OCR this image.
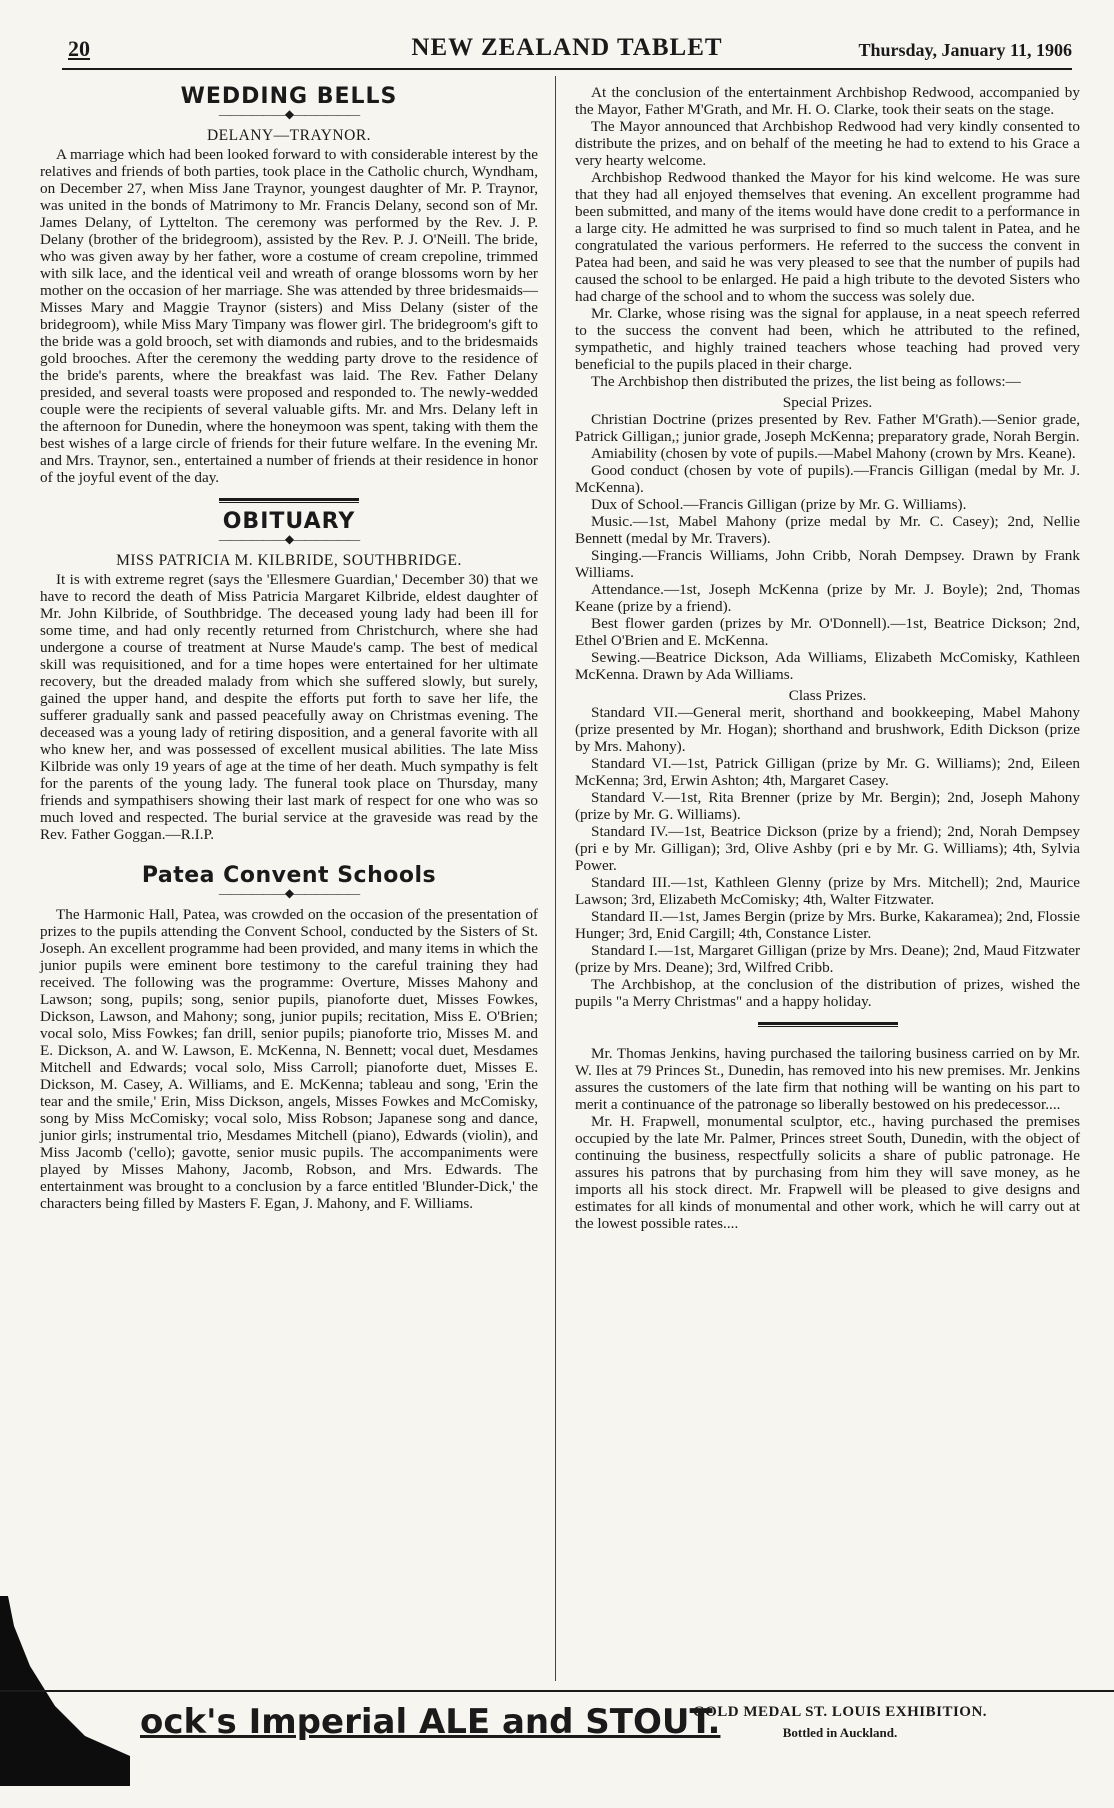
20	NEW ZEALAND TABLET	Thursday, January 11, 1906
WEDDING BELLS
——————◆——————
DELANY—TRAYNOR.

A marriage which had been looked forward to with considerable interest by the relatives and friends of both parties, took place in the Catholic church, Wyndham, on December 27, when Miss Jane Traynor, youngest daughter of Mr. P. Traynor, was united in the bonds of Matrimony to Mr. Francis Delany, second son of Mr. James Delany, of Lyttelton. The ceremony was performed by the Rev. J. P. Delany (brother of the bridegroom), assisted by the Rev. P. J. O'Neill. The bride, who was given away by her father, wore a costume of cream crepoline, trimmed with silk lace, and the identical veil and wreath of orange blossoms worn by her mother on the occasion of her marriage. She was attended by three bridesmaids—Misses Mary and Maggie Traynor (sisters) and Miss Delany (sister of the bridegroom), while Miss Mary Timpany was flower girl. The bridegroom's gift to the bride was a gold brooch, set with diamonds and rubies, and to the bridesmaids gold brooches. After the ceremony the wedding party drove to the residence of the bride's parents, where the breakfast was laid. The Rev. Father Delany presided, and several toasts were proposed and responded to. The newly-wedded couple were the recipients of several valuable gifts. Mr. and Mrs. Delany left in the afternoon for Dunedin, where the honeymoon was spent, taking with them the best wishes of a large circle of friends for their future welfare. In the evening Mr. and Mrs. Traynor, sen., entertained a number of friends at their residence in honor of the joyful event of the day.

OBITUARY
——————◆——————
MISS PATRICIA M. KILBRIDE, SOUTHBRIDGE.

It is with extreme regret (says the 'Ellesmere Guardian,' December 30) that we have to record the death of Miss Patricia Margaret Kilbride, eldest daughter of Mr. John Kilbride, of Southbridge. The deceased young lady had been ill for some time, and had only recently returned from Christchurch, where she had undergone a course of treatment at Nurse Maude's camp. The best of medical skill was requisitioned, and for a time hopes were entertained for her ultimate recovery, but the dreaded malady from which she suffered slowly, but surely, gained the upper hand, and despite the efforts put forth to save her life, the sufferer gradually sank and passed peacefully away on Christmas evening. The deceased was a young lady of retiring disposition, and a general favorite with all who knew her, and was possessed of excellent musical abilities. The late Miss Kilbride was only 19 years of age at the time of her death. Much sympathy is felt for the parents of the young lady. The funeral took place on Thursday, many friends and sympathisers showing their last mark of respect for one who was so much loved and respected. The burial service at the graveside was read by the Rev. Father Goggan.—R.I.P.

Patea Convent Schools
——————◆——————

The Harmonic Hall, Patea, was crowded on the occasion of the presentation of prizes to the pupils attending the Convent School, conducted by the Sisters of St. Joseph. An excellent programme had been provided, and many items in which the junior pupils were eminent bore testimony to the careful training they had received. The following was the programme: Overture, Misses Mahony and Lawson; song, pupils; song, senior pupils, pianoforte duet, Misses Fowkes, Dickson, Lawson, and Mahony; song, junior pupils; recitation, Miss E. O'Brien; vocal solo, Miss Fowkes; fan drill, senior pupils; pianoforte trio, Misses M. and E. Dickson, A. and W. Lawson, E. McKenna, N. Bennett; vocal duet, Mesdames Mitchell and Edwards; vocal solo, Miss Carroll; pianoforte duet, Misses E. Dickson, M. Casey, A. Williams, and E. McKenna; tableau and song, 'Erin the tear and the smile,' Erin, Miss Dickson, angels, Misses Fowkes and McComisky, song by Miss McComisky; vocal solo, Miss Robson; Japanese song and dance, junior girls; instrumental trio, Mesdames Mitchell (piano), Edwards (violin), and Miss Jacomb ('cello); gavotte, senior music pupils. The accompaniments were played by Misses Mahony, Jacomb, Robson, and Mrs. Edwards. The entertainment was brought to a conclusion by a farce entitled 'Blunder-Dick,' the characters being filled by Masters F. Egan, J. Mahony, and F. Williams.

At the conclusion of the entertainment Archbishop Redwood, accompanied by the Mayor, Father M'Grath, and Mr. H. O. Clarke, took their seats on the stage.

The Mayor announced that Archbishop Redwood had very kindly consented to distribute the prizes, and on behalf of the meeting he had to extend to his Grace a very hearty welcome.

Archbishop Redwood thanked the Mayor for his kind welcome. He was sure that they had all enjoyed themselves that evening. An excellent programme had been submitted, and many of the items would have done credit to a performance in a large city. He admitted he was surprised to find so much talent in Patea, and he congratulated the various performers. He referred to the success the convent in Patea had been, and said he was very pleased to see that the number of pupils had caused the school to be enlarged. He paid a high tribute to the devoted Sisters who had charge of the school and to whom the success was solely due.

Mr. Clarke, whose rising was the signal for applause, in a neat speech referred to the success the convent had been, which he attributed to the refined, sympathetic, and highly trained teachers whose teaching had proved very beneficial to the pupils placed in their charge.

The Archbishop then distributed the prizes, the list being as follows:—

Special Prizes.

Christian Doctrine (prizes presented by Rev. Father M'Grath).—Senior grade, Patrick Gilligan,; junior grade, Joseph McKenna; preparatory grade, Norah Bergin.

Amiability (chosen by vote of pupils.—Mabel Mahony (crown by Mrs. Keane).

Good conduct (chosen by vote of pupils).—Francis Gilligan (medal by Mr. J. McKenna).

Dux of School.—Francis Gilligan (prize by Mr. G. Williams).

Music.—1st, Mabel Mahony (prize medal by Mr. C. Casey); 2nd, Nellie Bennett (medal by Mr. Travers).

Singing.—Francis Williams, John Cribb, Norah Dempsey. Drawn by Frank Williams.

Attendance.—1st, Joseph McKenna (prize by Mr. J. Boyle); 2nd, Thomas Keane (prize by a friend).

Best flower garden (prizes by Mr. O'Donnell).—1st, Beatrice Dickson; 2nd, Ethel O'Brien and E. McKenna.

Sewing.—Beatrice Dickson, Ada Williams, Elizabeth McComisky, Kathleen McKenna. Drawn by Ada Williams.

Class Prizes.

Standard VII.—General merit, shorthand and bookkeeping, Mabel Mahony (prize presented by Mr. Hogan); shorthand and brushwork, Edith Dickson (prize by Mrs. Mahony).

Standard VI.—1st, Patrick Gilligan (prize by Mr. G. Williams); 2nd, Eileen McKenna; 3rd, Erwin Ashton; 4th, Margaret Casey.

Standard V.—1st, Rita Brenner (prize by Mr. Bergin); 2nd, Joseph Mahony (prize by Mr. G. Williams).

Standard IV.—1st, Beatrice Dickson (prize by a friend); 2nd, Norah Dempsey (pri e by Mr. Gilligan); 3rd, Olive Ashby (pri e by Mr. G. Williams); 4th, Sylvia Power.

Standard III.—1st, Kathleen Glenny (prize by Mrs. Mitchell); 2nd, Maurice Lawson; 3rd, Elizabeth McComisky; 4th, Walter Fitzwater.

Standard II.—1st, James Bergin (prize by Mrs. Burke, Kakaramea); 2nd, Flossie Hunger; 3rd, Enid Cargill; 4th, Constance Lister.

Standard I.—1st, Margaret Gilligan (prize by Mrs. Deane); 2nd, Maud Fitzwater (prize by Mrs. Deane); 3rd, Wilfred Cribb.

The Archbishop, at the conclusion of the distribution of prizes, wished the pupils "a Merry Christmas" and a happy holiday.

Mr. Thomas Jenkins, having purchased the tailoring business carried on by Mr. W. Iles at 79 Princes St., Dunedin, has removed into his new premises. Mr. Jenkins assures the customers of the late firm that nothing will be wanting on his part to merit a continuance of the patronage so liberally bestowed on his predecessor....

Mr. H. Frapwell, monumental sculptor, etc., having purchased the premises occupied by the late Mr. Palmer, Princes street South, Dunedin, with the object of continuing the business, respectfully solicits a share of public patronage. He assures his patrons that by purchasing from him they will save money, as he imports all his stock direct. Mr. Frapwell will be pleased to give designs and estimates for all kinds of monumental and other work, which he will carry out at the lowest possible rates....

ock's Imperial ALE and STOUT.
GOLD MEDAL ST. LOUIS EXHIBITION.
Bottled in Auckland.
